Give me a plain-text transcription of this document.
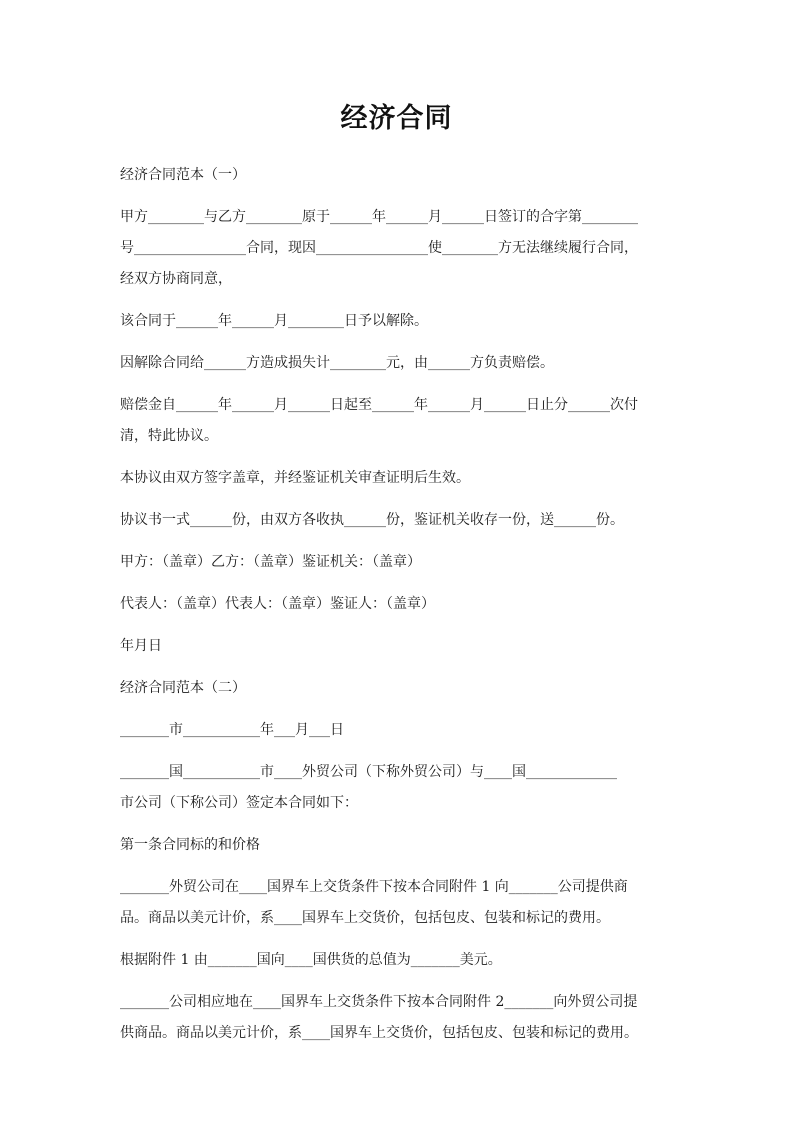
经济合同

经济合同范本（一）

甲方________与乙方________原于______年______月______日签订的合字第________

号________________合同，现因________________使________方无法继续履行合同，

经双方协商同意，

该合同于______年______月________日予以解除。

因解除合同给______方造成损失计________元，由______方负责赔偿。

赔偿金自______年______月______日起至______年______月______日止分______次付

清，特此协议。

本协议由双方签字盖章，并经鉴证机关审查证明后生效。

协议书一式______份，由双方各收执______份，鉴证机关收存一份，送______份。

甲方：（盖章）乙方：（盖章）鉴证机关：（盖章）

代表人：（盖章）代表人：（盖章）鉴证人：（盖章）

年月日

经济合同范本（二）

_______市___________年___月___日

_______国___________市____外贸公司（下称外贸公司）与____国_____________

市公司（下称公司）签定本合同如下：

第一条合同标的和价格

_______外贸公司在____国界车上交货条件下按本合同附件 1 向_______公司提供商

品。商品以美元计价，系____国界车上交货价，包括包皮、包装和标记的费用。

根据附件 1 由_______国向____国供货的总值为_______美元。

_______公司相应地在____国界车上交货条件下按本合同附件 2_______向外贸公司提

供商品。商品以美元计价，系____国界车上交货价，包括包皮、包装和标记的费用。
